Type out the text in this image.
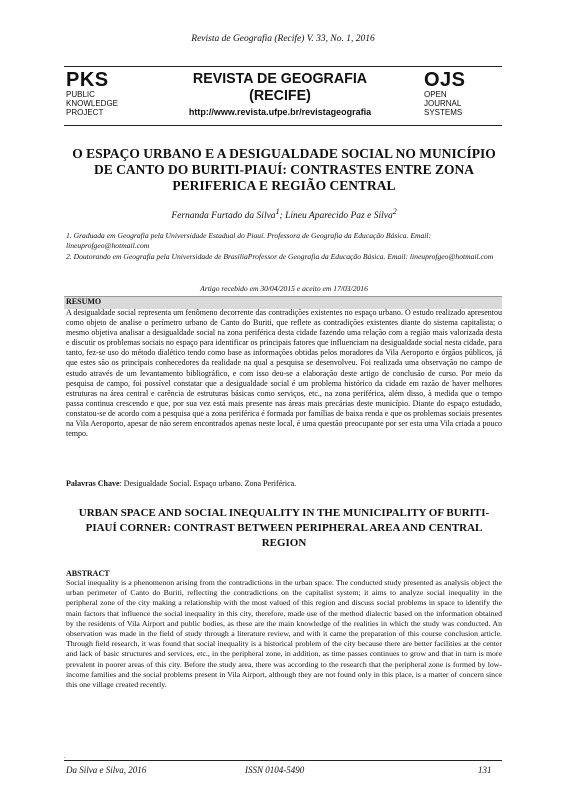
Revista de Geografia (Recife) V. 33, No. 1, 2016
PKS
PUBLIC
KNOWLEDGE
PROJECT
REVISTA DE GEOGRAFIA
(RECIFE)
http://www.revista.ufpe.br/revistageografia
OJS
OPEN
JOURNAL
SYSTEMS
O ESPAÇO URBANO E A DESIGUALDADE SOCIAL NO MUNICÍPIO DE CANTO DO BURITI-PIAUÍ: CONTRASTES ENTRE ZONA PERIFERICA E REGIÃO CENTRAL
Fernanda Furtado da Silva$^1$; Lineu Aparecido Paz e Silva$^2$
1. Graduada em Geografia pela Universidade Estadual do Piauí. Professora de Geografia da Educação Básica. Email: lineuprofgeo@hotmail.com
2. Doutorando em Geografia pela Universidade de BrasíliaProfessor de Geografia da Educação Básica. Email: lineuprofgeo@hotmail.com
Artigo recebido em 30/04/2015 e aceito em 17/03/2016
RESUMO
A desigualdade social representa um fenômeno decorrente das contradições existentes no espaço urbano. O estudo realizado apresentou como objeto de analise o perímetro urbano de Canto do Buriti, que reflete as contradições existentes diante do sistema capitalista; o mesmo objetiva analisar a desigualdade social na zona periférica desta cidade fazendo uma relação com a região mais valorizada desta e discutir os problemas sociais no espaço para identificar os principais fatores que influenciam na desigualdade social nesta cidade, para tanto, fez-se uso do método dialético tendo como base as informações obtidas pelos moradores da Vila Aeroporto e órgãos públicos, já que estes são os principais conhecedores da realidade na qual a pesquisa se desenvolveu. Foi realizada uma observação no campo de estudo através de um levantamento bibliográfico, e com isso deu-se a elaboração deste artigo de conclusão de curso. Por meio da pesquisa de campo, foi possível constatar que a desigualdade social é um problema histórico da cidade em razão de haver melhores estruturas na área central e carência de estruturas básicas como serviços, etc., na zona periférica, além disso, à medida que o tempo passa continua crescendo e que, por sua vez está mais presente nas áreas mais precárias deste município. Diante do espaço estudado, constatou-se de acordo com a pesquisa que a zona periférica é formada por famílias de baixa renda e que os problemas sociais presentes na Vila Aeroporto, apesar de não serem encontrados apenas neste local, é uma questão preocupante por ser esta uma Vila criada a pouco tempo.
Palavras Chave: Desigualdade Social. Espaço urbano. Zona Periférica.
URBAN SPACE AND SOCIAL INEQUALITY IN THE MUNICIPALITY OF BURITI-PIAUÍ CORNER: CONTRAST BETWEEN PERIPHERAL AREA AND CENTRAL REGION
ABSTRACT
Social inequality is a phenomenon arising from the contradictions in the urban space. The conducted study presented as analysis object the urban perimeter of Canto do Buriti, reflecting the contradictions on the capitalist system; it aims to analyze social inequality in the peripheral zone of the city making a relationship with the most valued of this region and discuss social problems in space to identify the main factors that influence the social inequality in this city, therefore, made use of the method dialectic based on the information obtained by the residents of Vila Airport and public bodies, as these are the main knowledge of the realities in which the study was conducted. An observation was made in the field of study through a literature review, and with it came the preparation of this course conclusion article. Through field research, it was found that social inequality is a historical problem of the city because there are better facilities at the center and lack of basic structures and services, etc., in the peripheral zone, in addition, as time passes continues to grow and that in turn is more prevalent in poorer areas of this city. Before the study area, there was according to the research that the peripheral zone is formed by low-income families and the social problems present in Vila Airport, although they are not found only in this place, is a matter of concern since this one village created recently.
.
Da Silva e Silva, 2016	ISSN 0104-5490	131
